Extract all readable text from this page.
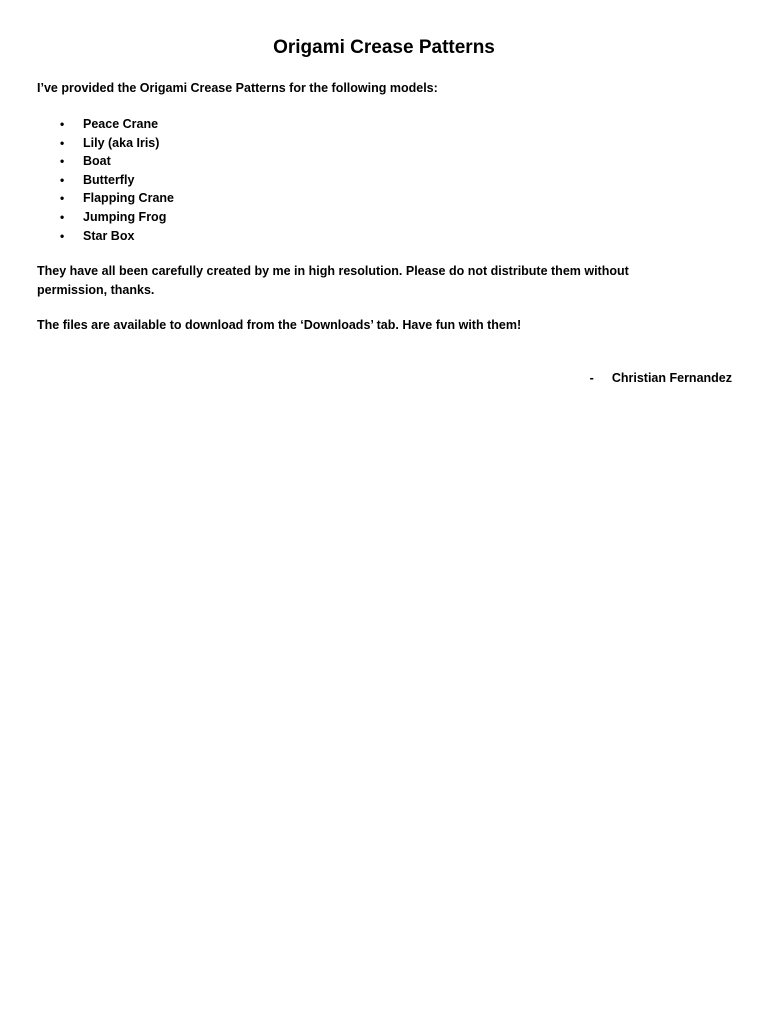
Origami Crease Patterns

I’ve provided the Origami Crease Patterns for the following models:

• Peace Crane
• Lily (aka Iris)
• Boat
• Butterfly
• Flapping Crane
• Jumping Frog
• Star Box

They have all been carefully created by me in high resolution. Please do not distribute them without permission, thanks.

The files are available to download from the ‘Downloads’ tab. Have fun with them!

- Christian Fernandez
